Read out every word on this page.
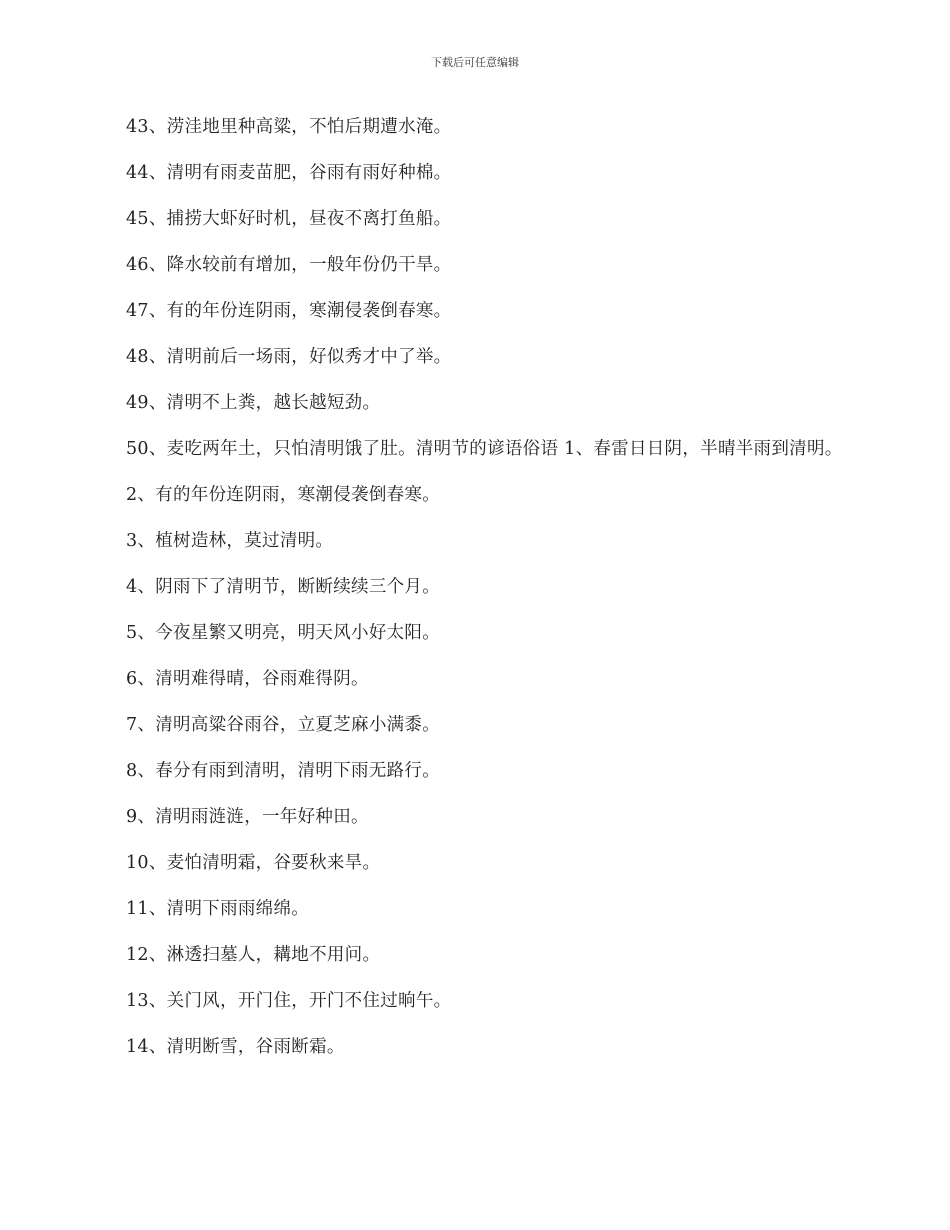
下载后可任意编辑

43、涝洼地里种高粱，不怕后期遭水淹。

44、清明有雨麦苗肥，谷雨有雨好种棉。

45、捕捞大虾好时机，昼夜不离打鱼船。

46、降水较前有增加，一般年份仍干旱。

47、有的年份连阴雨，寒潮侵袭倒春寒。

48、清明前后一场雨，好似秀才中了举。

49、清明不上粪，越长越短劲。

50、麦吃两年土，只怕清明饿了肚。清明节的谚语俗语 1、春雷日日阴，半晴半雨到清明。

2、有的年份连阴雨，寒潮侵袭倒春寒。

3、植树造林，莫过清明。

4、阴雨下了清明节，断断续续三个月。

5、今夜星繁又明亮，明天风小好太阳。

6、清明难得晴，谷雨难得阴。

7、清明高粱谷雨谷，立夏芝麻小满黍。

8、春分有雨到清明，清明下雨无路行。

9、清明雨涟涟，一年好种田。

10、麦怕清明霜，谷要秋来旱。

11、清明下雨雨绵绵。

12、淋透扫墓人，耩地不用问。

13、关门风，开门住，开门不住过晌午。

14、清明断雪，谷雨断霜。
